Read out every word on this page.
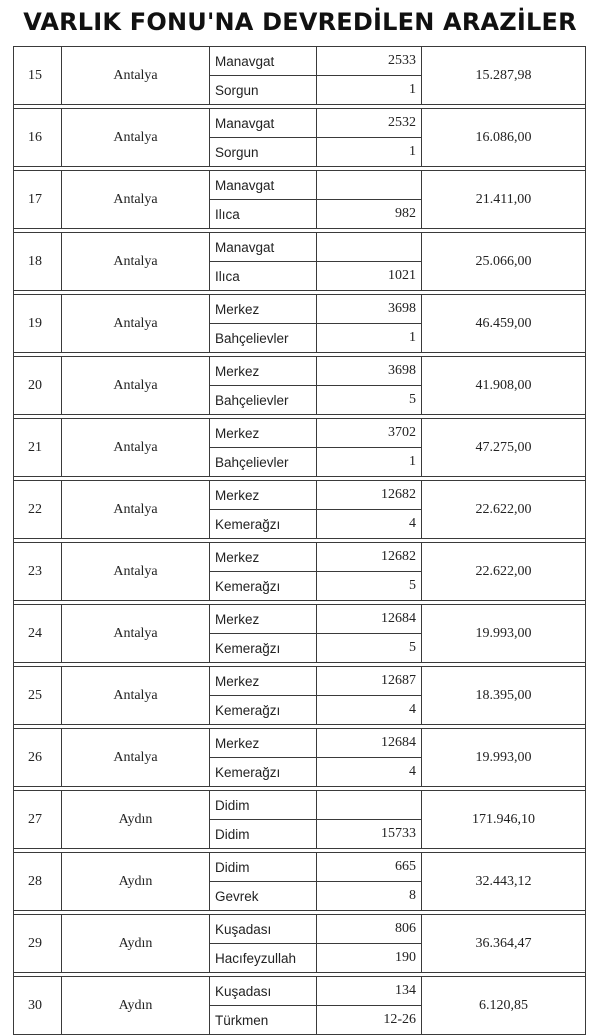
VARLIK FONU'NA DEVREDİLEN ARAZİLER
15	Antalya	Manavgat	2533	15.287,98
		Sorgun	1	

16	Antalya	Manavgat	2532	16.086,00
		Sorgun	1	

17	Antalya	Manavgat		21.411,00
		Ilıca	982	

18	Antalya	Manavgat		25.066,00
		Ilıca	1021	

19	Antalya	Merkez	3698	46.459,00
		Bahçelievler	1	

20	Antalya	Merkez	3698	41.908,00
		Bahçelievler	5	

21	Antalya	Merkez	3702	47.275,00
		Bahçelievler	1	

22	Antalya	Merkez	12682	22.622,00
		Kemerağzı	4	

23	Antalya	Merkez	12682	22.622,00
		Kemerağzı	5	

24	Antalya	Merkez	12684	19.993,00
		Kemerağzı	5	

25	Antalya	Merkez	12687	18.395,00
		Kemerağzı	4	

26	Antalya	Merkez	12684	19.993,00
		Kemerağzı	4	

27	Aydın	Didim		171.946,10
		Didim	15733	

28	Aydın	Didim	665	32.443,12
		Gevrek	8	

29	Aydın	Kuşadası	806	36.364,47
		Hacıfeyzullah	190	

30	Aydın	Kuşadası	134	6.120,85
		Türkmen	12-26	
